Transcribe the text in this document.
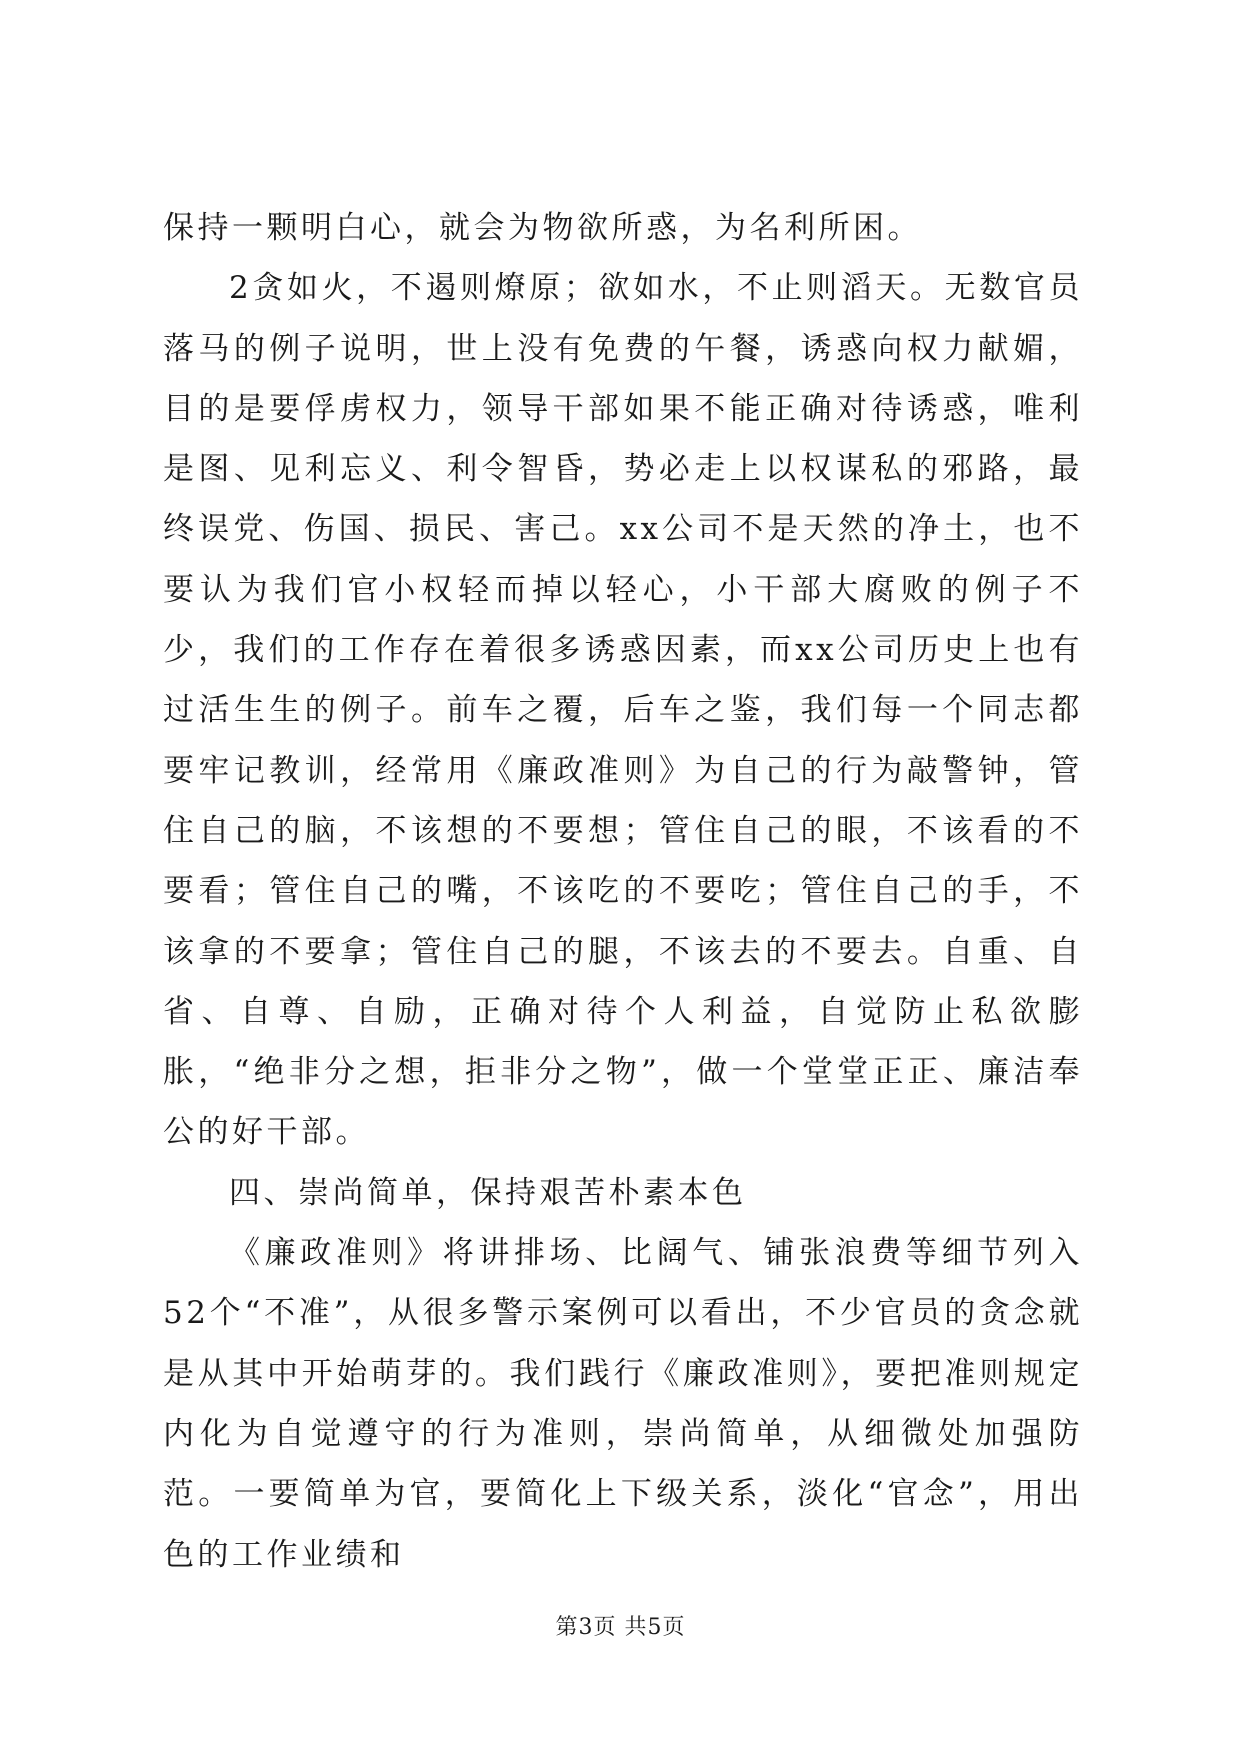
保持一颗明白心，就会为物欲所惑，为名利所困。

2贪如火，不遏则燎原；欲如水，不止则滔天。无数官员落马的例子说明，世上没有免费的午餐，诱惑向权力献媚，目的是要俘虏权力，领导干部如果不能正确对待诱惑，唯利是图、见利忘义、利令智昏，势必走上以权谋私的邪路，最终误党、伤国、损民、害己。xx公司不是天然的净土，也不要认为我们官小权轻而掉以轻心，小干部大腐败的例子不少，我们的工作存在着很多诱惑因素，而xx公司历史上也有过活生生的例子。前车之覆，后车之鉴，我们每一个同志都要牢记教训，经常用《廉政准则》为自己的行为敲警钟，管住自己的脑，不该想的不要想；管住自己的眼，不该看的不要看；管住自己的嘴，不该吃的不要吃；管住自己的手，不该拿的不要拿；管住自己的腿，不该去的不要去。自重、自省、自尊、自励，正确对待个人利益，自觉防止私欲膨胀，“绝非分之想，拒非分之物”，做一个堂堂正正、廉洁奉公的好干部。

四、崇尚简单，保持艰苦朴素本色

《廉政准则》将讲排场、比阔气、铺张浪费等细节列入52个“不准”，从很多警示案例可以看出，不少官员的贪念就是从其中开始萌芽的。我们践行《廉政准则》，要把准则规定内化为自觉遵守的行为准则，崇尚简单，从细微处加强防范。一要简单为官，要简化上下级关系，淡化“官念”，用出色的工作业绩和

第3页 共5页
